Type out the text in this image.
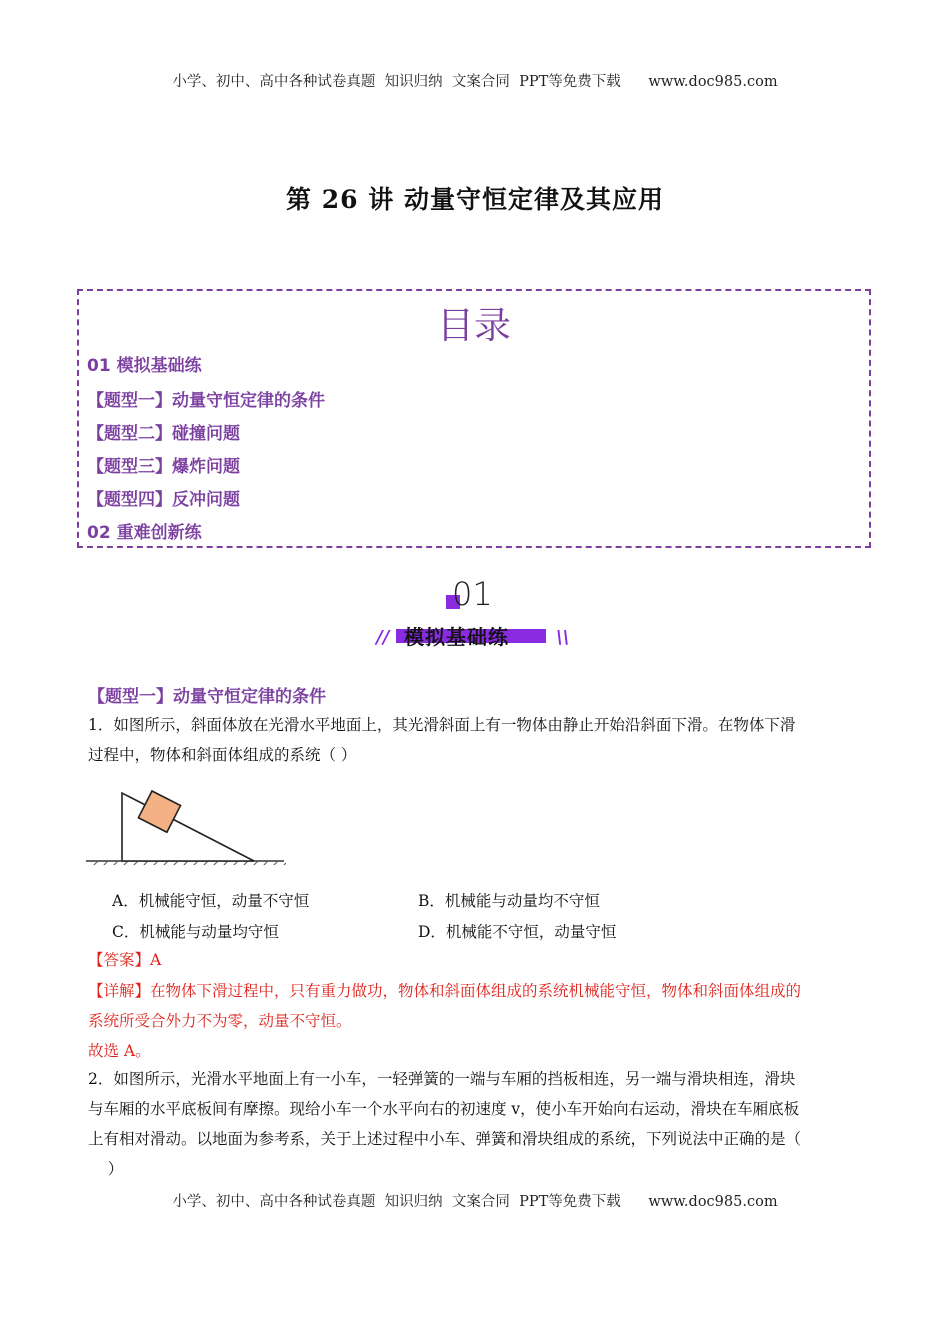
小学、初中、高中各种试卷真题  知识归纳  文案合同  PPT等免费下载 www.doc985.com
第 26 讲 动量守恒定律及其应用
目录
01 模拟基础练
【题型一】动量守恒定律的条件
【题型二】碰撞问题
【题型三】爆炸问题
【题型四】反冲问题
02 重难创新练
01
// 模拟基础练	\\
【题型一】动量守恒定律的条件
1．如图所示，斜面体放在光滑水平地面上，其光滑斜面上有一物体由静止开始沿斜面下滑。在物体下滑
过程中，物体和斜面体组成的系统（ ）
A．机械能守恒，动量不守恒	B．机械能与动量均不守恒
C．机械能与动量均守恒	D．机械能不守恒，动量守恒
【答案】A
【详解】在物体下滑过程中，只有重力做功，物体和斜面体组成的系统机械能守恒，物体和斜面体组成的
系统所受合外力不为零，动量不守恒。
故选 A。
2．如图所示，光滑水平地面上有一小车，一轻弹簧的一端与车厢的挡板相连，另一端与滑块相连，滑块
与车厢的水平底板间有摩擦。现给小车一个水平向右的初速度 v，使小车开始向右运动，滑块在车厢底板
上有相对滑动。以地面为参考系，关于上述过程中小车、弹簧和滑块组成的系统，下列说法中正确的是（
）
小学、初中、高中各种试卷真题  知识归纳  文案合同  PPT等免费下载 www.doc985.com
